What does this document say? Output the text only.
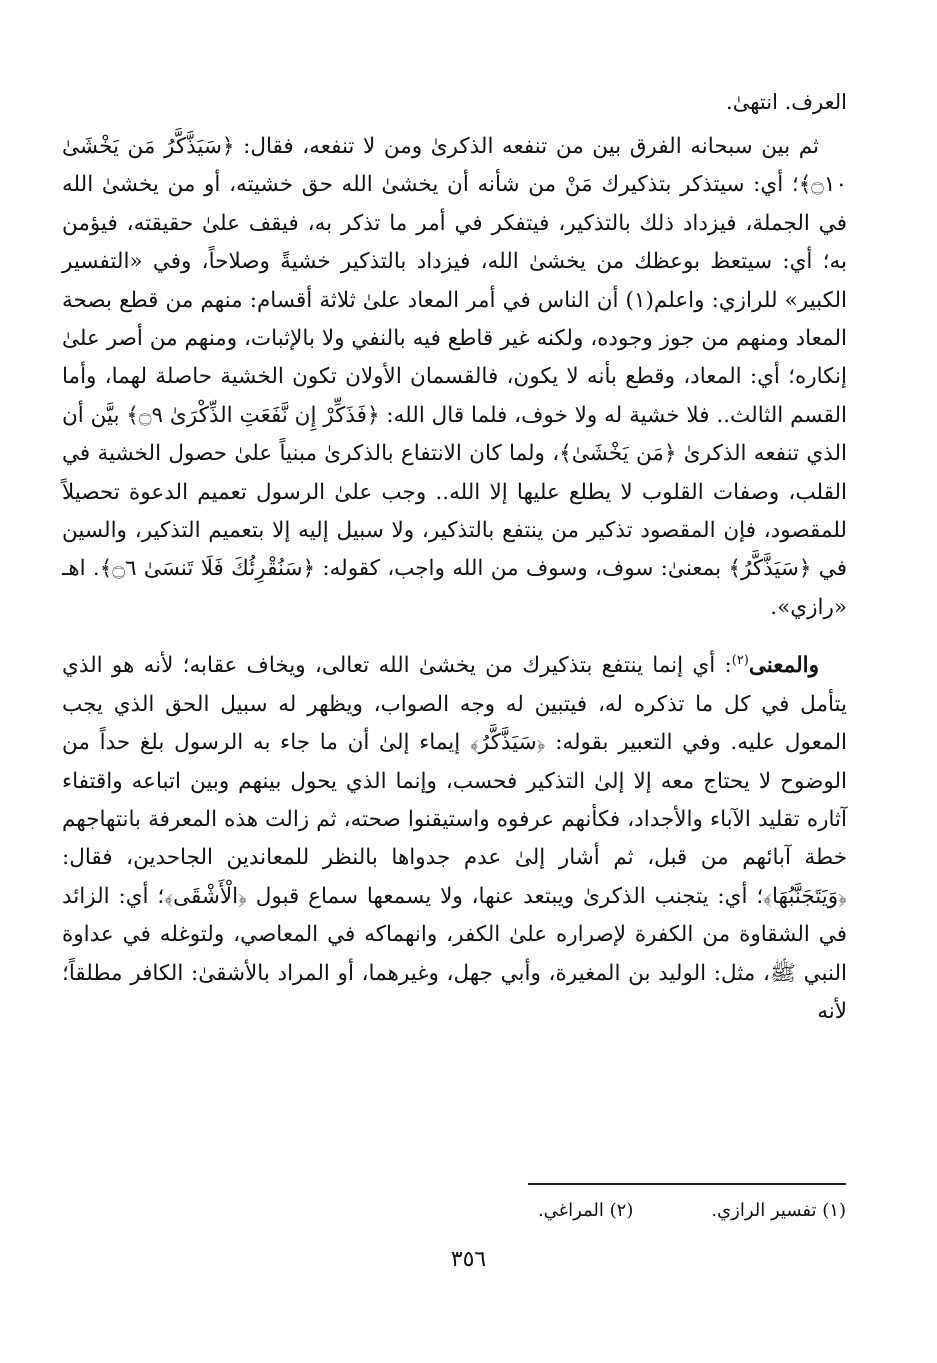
العرف. انتهىٰ.

ثم بين سبحانه الفرق بين من تنفعه الذكرىٰ ومن لا تنفعه، فقال: ﴿سَيَذَّكَّرُ مَن يَخْشَىٰ ۝١٠﴾؛ أي: سيتذكر بتذكيرك مَنْ من شأنه أن يخشىٰ الله حق خشيته، أو من يخشىٰ الله في الجملة، فيزداد ذلك بالتذكير، فيتفكر في أمر ما تذكر به، فيقف علىٰ حقيقته، فيؤمن به؛ أي: سيتعظ بوعظك من يخشىٰ الله، فيزداد بالتذكير خشيةً وصلاحاً، وفي «التفسير الكبير» للرازي: واعلم(١) أن الناس في أمر المعاد علىٰ ثلاثة أقسام: منهم من قطع بصحة المعاد ومنهم من جوز وجوده، ولكنه غير قاطع فيه بالنفي ولا بالإثبات، ومنهم من أصر علىٰ إنكاره؛ أي: المعاد، وقطع بأنه لا يكون، فالقسمان الأولان تكون الخشية حاصلة لهما، وأما القسم الثالث.. فلا خشية له ولا خوف، فلما قال الله: ﴿فَذَكِّرْ إِن نَّفَعَتِ الذِّكْرَىٰ ۝٩﴾ بيَّن أن الذي تنفعه الذكرىٰ ﴿مَن يَخْشَىٰ﴾، ولما كان الانتفاع بالذكرىٰ مبنياً علىٰ حصول الخشية في القلب، وصفات القلوب لا يطلع عليها إلا الله.. وجب علىٰ الرسول تعميم الدعوة تحصيلاً للمقصود، فإن المقصود تذكير من ينتفع بالتذكير، ولا سبيل إليه إلا بتعميم التذكير، والسين في ﴿سَيَذَّكَّرُ﴾ بمعنىٰ: سوف، وسوف من الله واجب، كقوله: ﴿سَنُقْرِئُكَ فَلَا تَنسَىٰ ۝٦﴾. اهـ «رازي».

والمعنى$^{(٢)}$: أي إنما ينتفع بتذكيرك من يخشىٰ الله تعالى، ويخاف عقابه؛ لأنه هو الذي يتأمل في كل ما تذكره له، فيتبين له وجه الصواب، ويظهر له سبيل الحق الذي يجب المعول عليه. وفي التعبير بقوله: ﴿سَيَذَّكَّرُ﴾ إيماء إلىٰ أن ما جاء به الرسول بلغ حداً من الوضوح لا يحتاج معه إلا إلىٰ التذكير فحسب، وإنما الذي يحول بينهم وبين اتباعه واقتفاء آثاره تقليد الآباء والأجداد، فكأنهم عرفوه واستيقنوا صحته، ثم زالت هذه المعرفة بانتهاجهم خطة آبائهم من قبل، ثم أشار إلىٰ عدم جدواها بالنظر للمعاندين الجاحدين، فقال: ﴿وَيَتَجَنَّبُهَا﴾؛ أي: يتجنب الذكرىٰ ويبتعد عنها، ولا يسمعها سماع قبول ﴿الْأَشْقَى﴾؛ أي: الزائد في الشقاوة من الكفرة لإصراره علىٰ الكفر، وانهماكه في المعاصي، ولتوغله في عداوة النبي ﷺ، مثل: الوليد بن المغيرة، وأبي جهل، وغيرهما، أو المراد بالأشقىٰ: الكافر مطلقاً؛ لأنه

(١) تفسير الرازي.
(٢) المراغي.
٣٥٦
